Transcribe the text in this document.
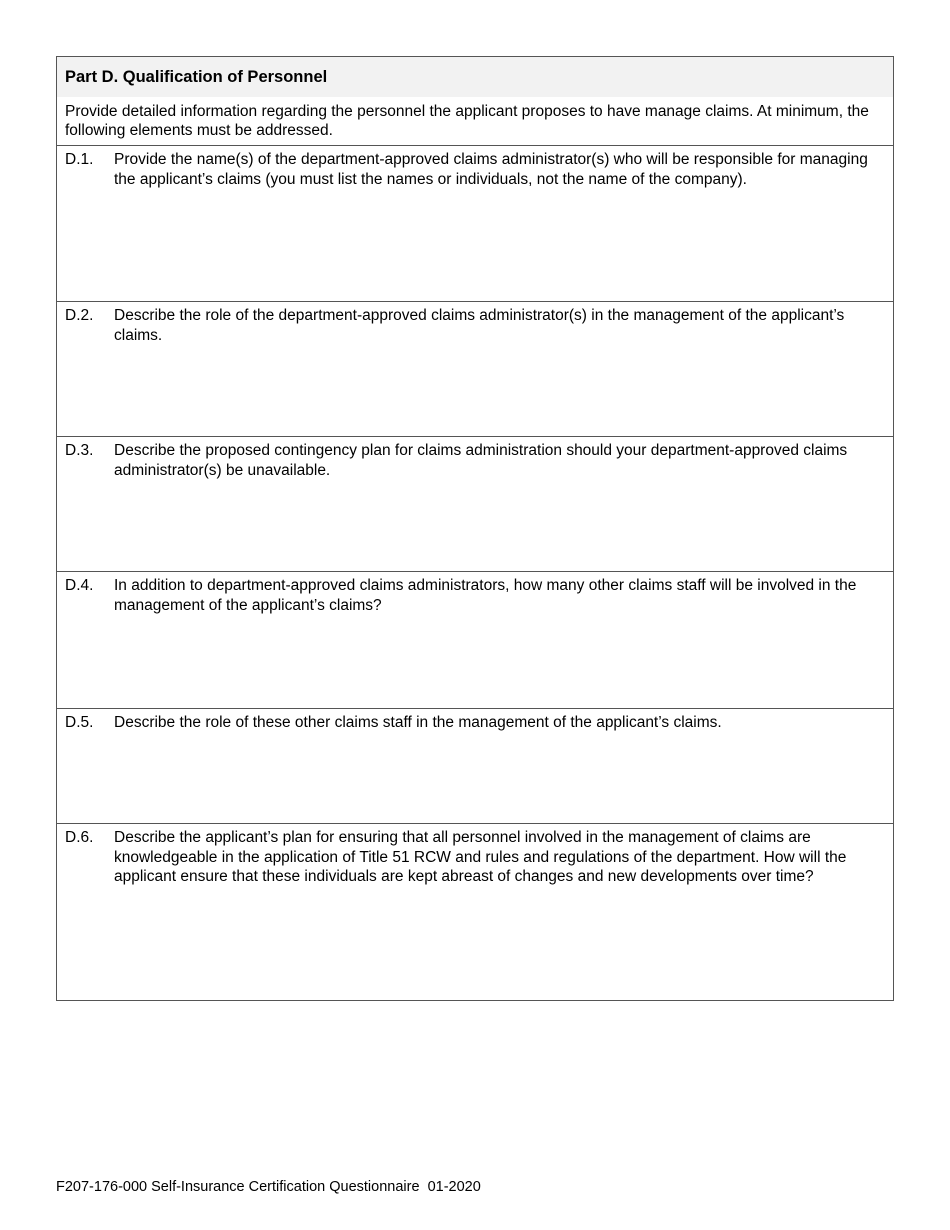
Part D. Qualification of Personnel
Provide detailed information regarding the personnel the applicant proposes to have manage claims. At minimum, the following elements must be addressed.
D.1.	Provide the name(s) of the department-approved claims administrator(s) who will be responsible for managing the applicant’s claims (you must list the names or individuals, not the name of the company).
D.2.	Describe the role of the department-approved claims administrator(s) in the management of the applicant’s claims.
D.3.	Describe the proposed contingency plan for claims administration should your department-approved claims administrator(s) be unavailable.
D.4.	In addition to department-approved claims administrators, how many other claims staff will be involved in the management of the applicant’s claims?
D.5.	Describe the role of these other claims staff in the management of the applicant’s claims.
D.6.	Describe the applicant’s plan for ensuring that all personnel involved in the management of claims are knowledgeable in the application of Title 51 RCW and rules and regulations of the department. How will the applicant ensure that these individuals are kept abreast of changes and new developments over time?
F207-176-000 Self-Insurance Certification Questionnaire  01-2020
